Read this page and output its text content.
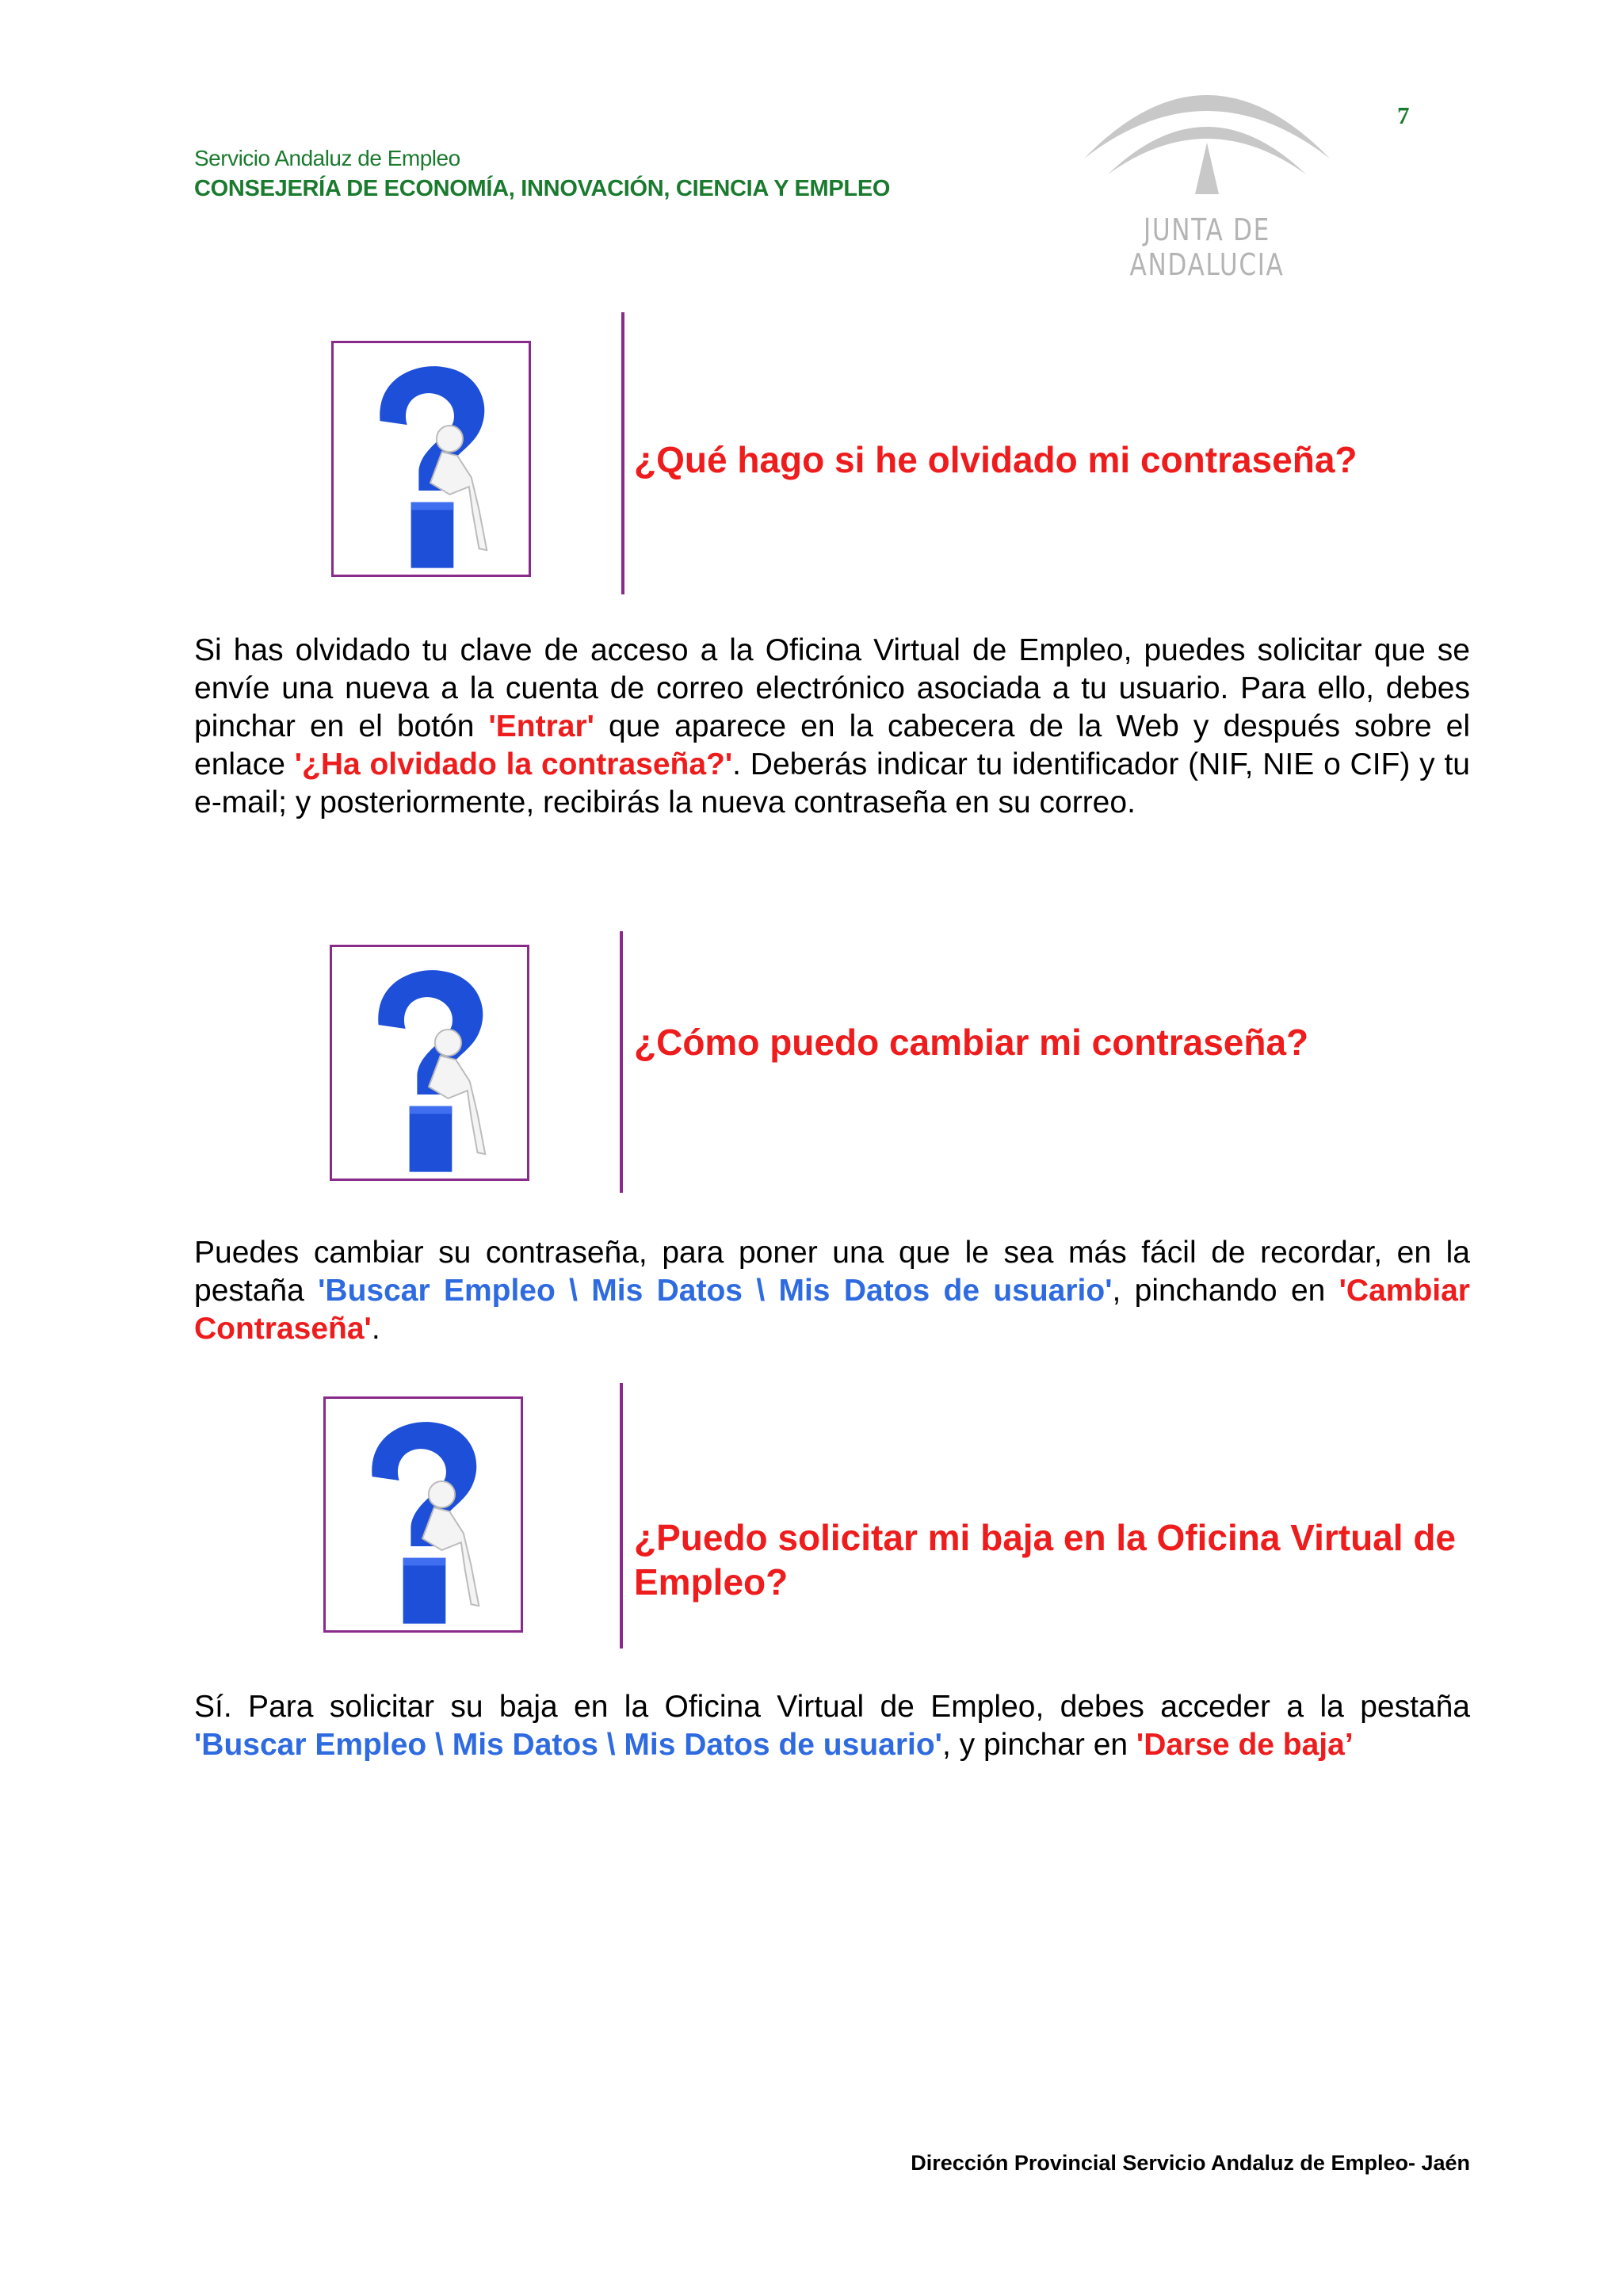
Servicio Andaluz de Empleo
CONSEJERÍA DE ECONOMÍA, INNOVACIÓN, CIENCIA Y EMPLEO
7
JUNTA DE ANDALUCIA
¿Qué hago si he olvidado mi contraseña?
Si has olvidado tu clave de acceso a la Oficina Virtual de Empleo, puedes solicitar que se envíe una nueva a la cuenta de correo electrónico asociada a tu usuario. Para ello, debes pinchar en el botón 'Entrar' que aparece en la cabecera de la Web y después sobre el enlace '¿Ha olvidado la contraseña?'. Deberás indicar tu identificador (NIF, NIE o CIF) y tu e-mail; y posteriormente, recibirás la nueva contraseña en su correo.
¿Cómo puedo cambiar mi contraseña?
Puedes cambiar su contraseña, para poner una que le sea más fácil de recordar, en la pestaña 'Buscar Empleo \ Mis Datos \ Mis Datos de usuario', pinchando en 'Cambiar Contraseña'.
¿Puedo solicitar mi baja en la Oficina Virtual de Empleo?
Sí. Para solicitar su baja en la Oficina Virtual de Empleo, debes acceder a la pestaña 'Buscar Empleo \ Mis Datos \ Mis Datos de usuario', y pinchar en 'Darse de baja’
Dirección Provincial Servicio Andaluz de Empleo- Jaén
